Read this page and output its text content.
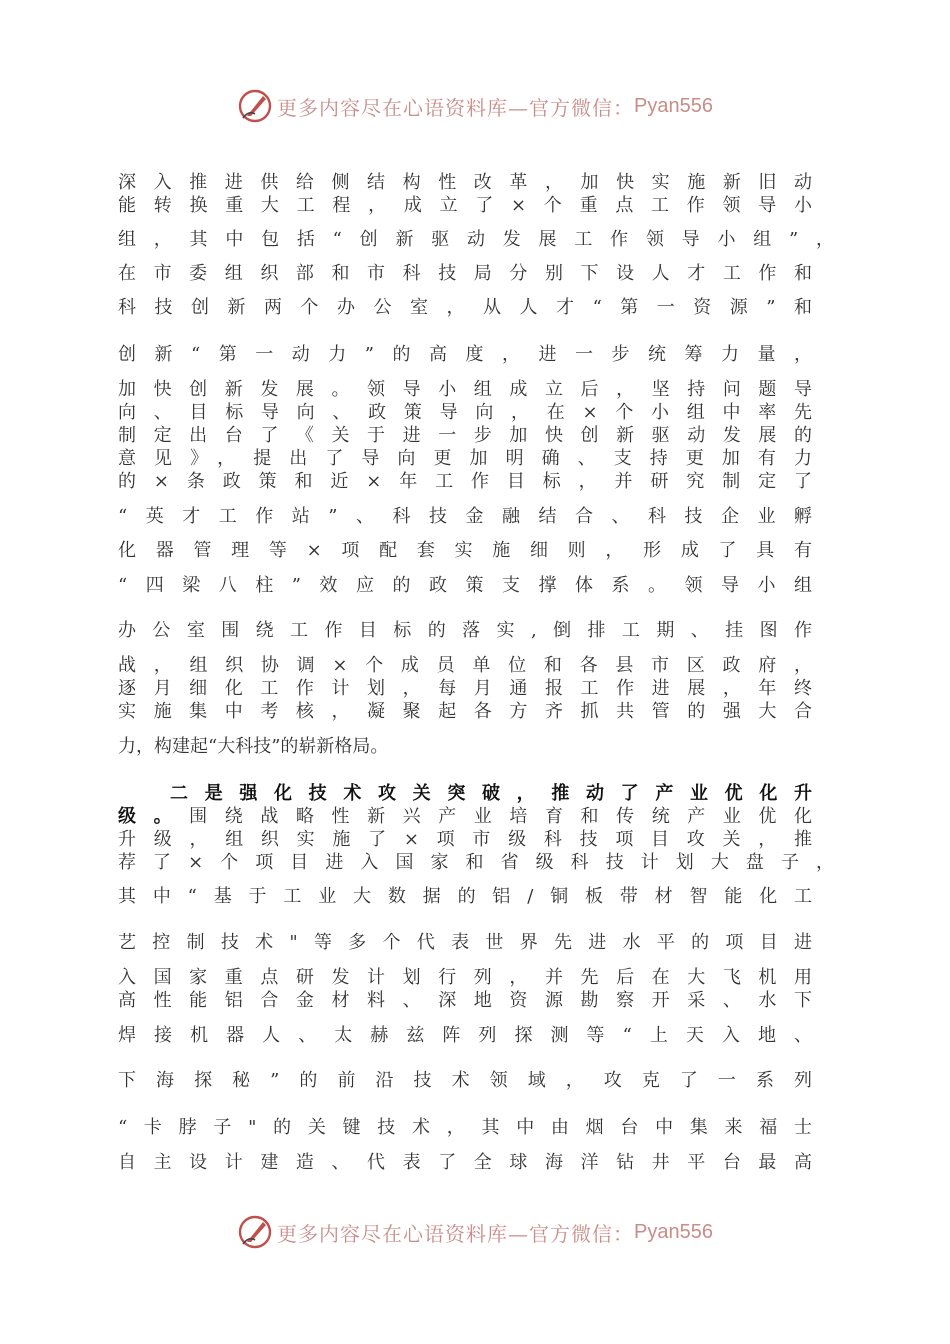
更多内容尽在心语资料库—官方微信： Pyan556
深入推进供给侧结构性改革，加快实施新旧动
能转换重大工程，成立了×个重点工作领导小
组，其中包括“创新驱动发展工作领导小组”，
在市委组织部和市科技局分别下设人才工作和
科技创新两个办公室，从人才“第一资源”和
创新“第一动力”的高度，进一步统筹力量，
加快创新发展。领导小组成立后，坚持问题导
向、目标导向、政策导向，在×个小组中率先
制定出台了《关于进一步加快创新驱动发展的
意见》，提出了导向更加明确、支持更加有力
的×条政策和近×年工作目标，并研究制定了
“英才工作站”、科技金融结合、科技企业孵
化器管理等×项配套实施细则，形成了具有
“四梁八柱”效应的政策支撑体系。领导小组
办公室围绕工作目标的落实,倒排工期、挂图作
战，组织协调×个成员单位和各县市区政府，
逐月细化工作计划，每月通报工作进展，年终
实施集中考核，凝聚起各方齐抓共管的强大合
力，构建起“大科技”的崭新格局。
二是强化技术攻关突破，推动了产业优化升
级。围绕战略性新兴产业培育和传统产业优化
升级，组织实施了×项市级科技项目攻关，推
荐了×个项目进入国家和省级科技计划大盘子，
其中“基于工业大数据的铝/铜板带材智能化工
艺控制技术"等多个代表世界先进水平的项目进
入国家重点研发计划行列，并先后在大飞机用
高性能铝合金材料、深地资源勘察开采、水下
焊接机器人、太赫兹阵列探测等“上天入地、
下海探秘”的前沿技术领域，攻克了一系列
“卡脖子"的关键技术，其中由烟台中集来福士
自主设计建造、代表了全球海洋钻井平台最高
更多内容尽在心语资料库—官方微信： Pyan556
